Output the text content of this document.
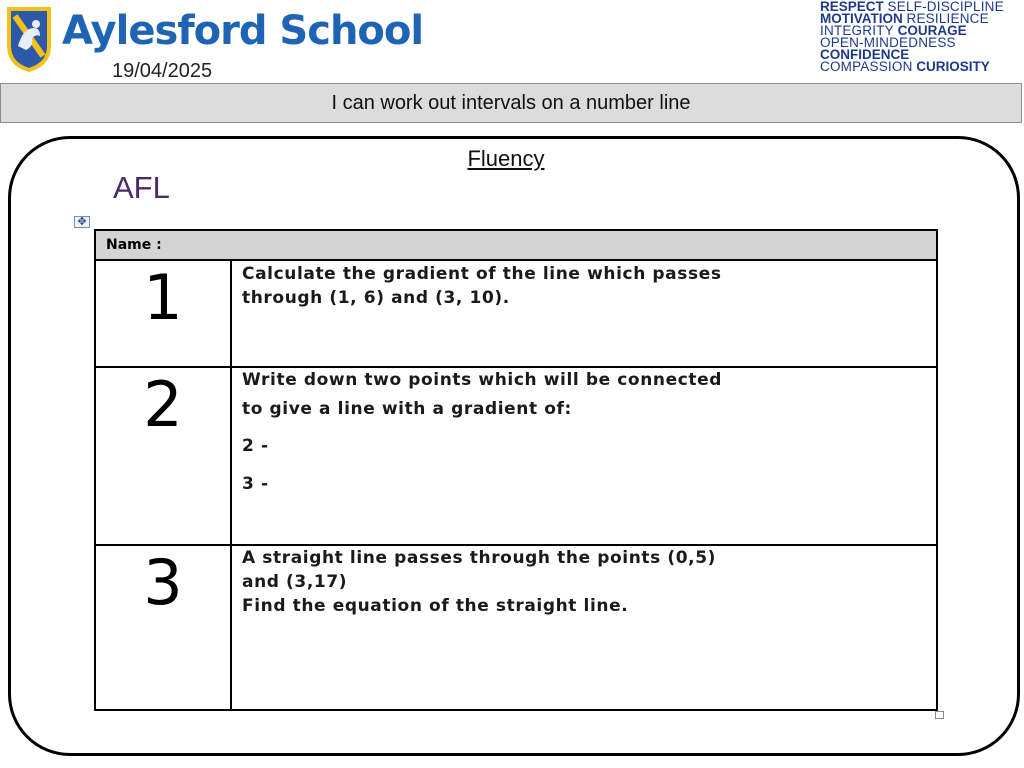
Aylesford School
19/04/2025
RESPECT SELF-DISCIPLINE
MOTIVATION RESILIENCE
INTEGRITY COURAGE
OPEN-MINDEDNESS
CONFIDENCE
COMPASSION CURIOSITY
I can work out intervals on a number line
Fluency
AFL
✥
Name :
1	Calculate the gradient of the line which passes
through (1, 6) and (3, 10).
2	Write down two points which will be connected
to give a line with a gradient of:
2 -
3 -
3	A straight line passes through the points (0,5)
and (3,17)
Find the equation of the straight line.
